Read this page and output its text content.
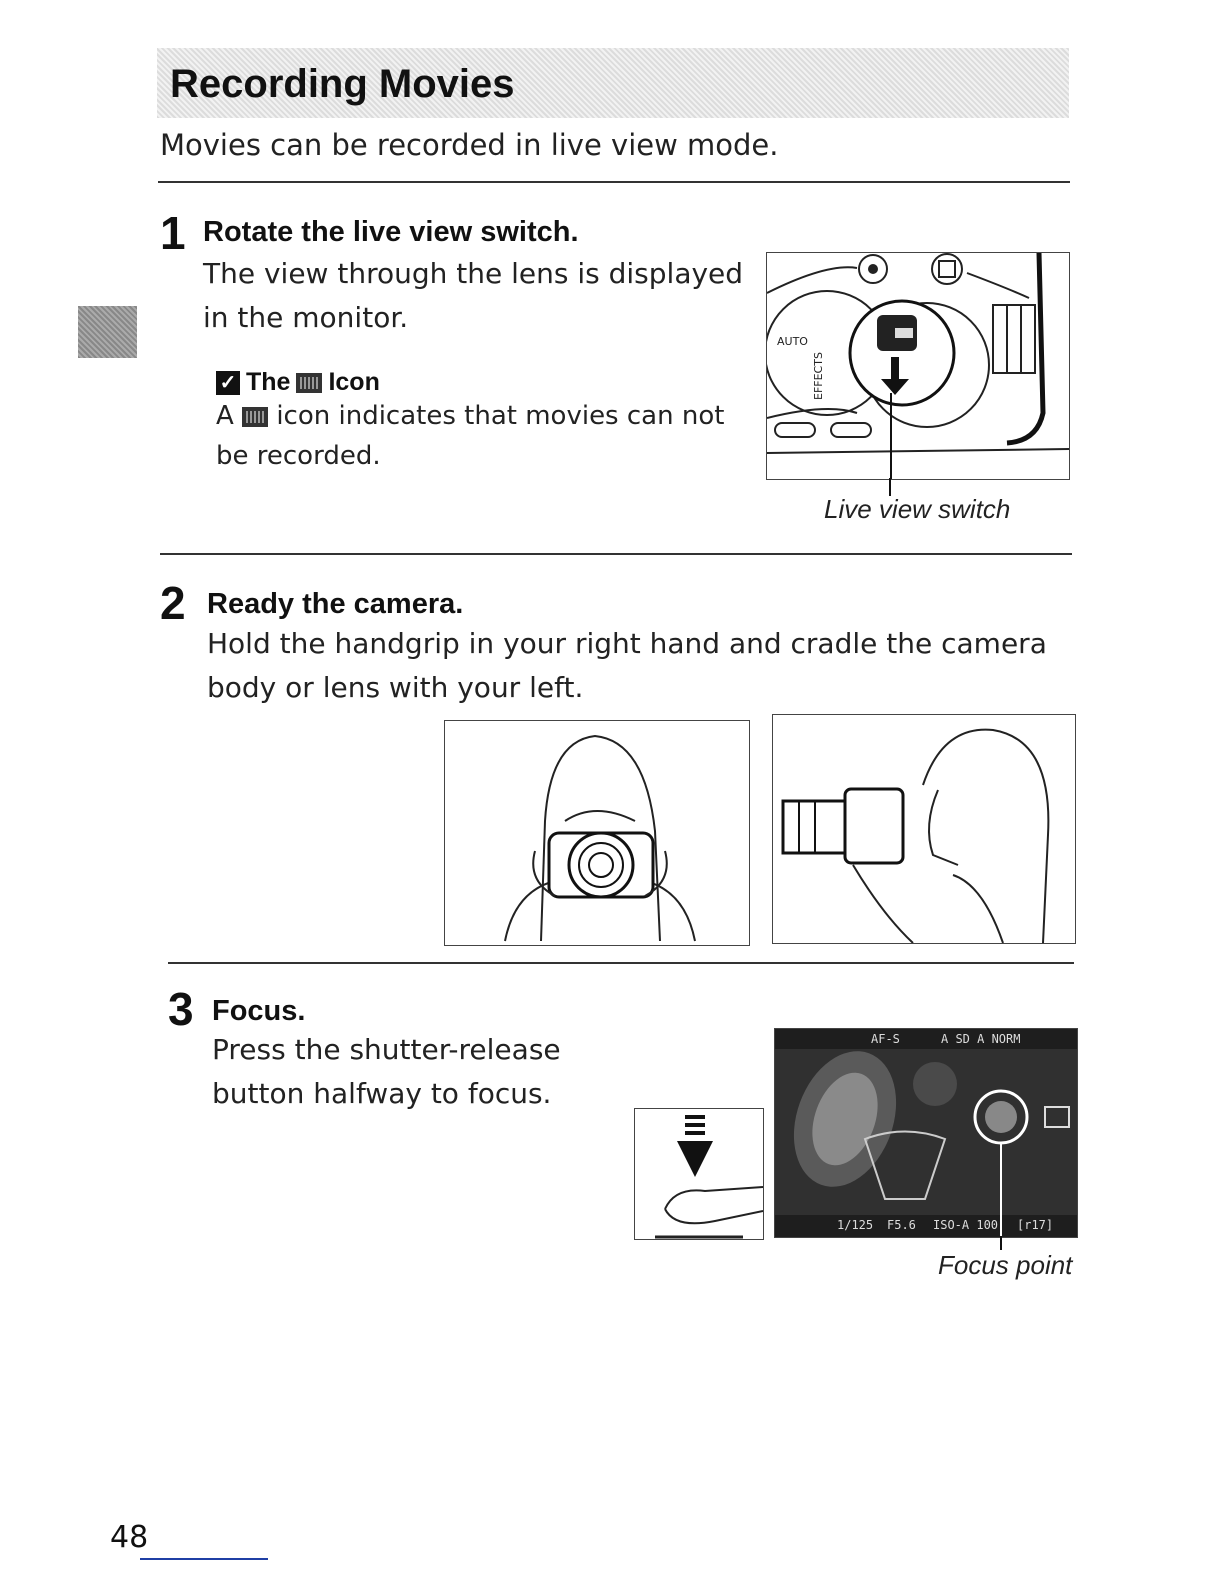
Recording Movies
Movies can be recorded in live view mode.
1 Rotate the live view switch.
The view through the lens is displayed
in the monitor.
✓ The Icon
A icon indicates that movies can not
be recorded.
AUTO
EFFECTS
Live view switch
2 Ready the camera.
Hold the handgrip in your right hand and cradle the camera
body or lens with your left.
3 Focus.
Press the shutter-release
button halfway to focus.
AF-S	A SD A NORM
1/125 F5.6 ISO-A 100 [r17]
Focus point
48
